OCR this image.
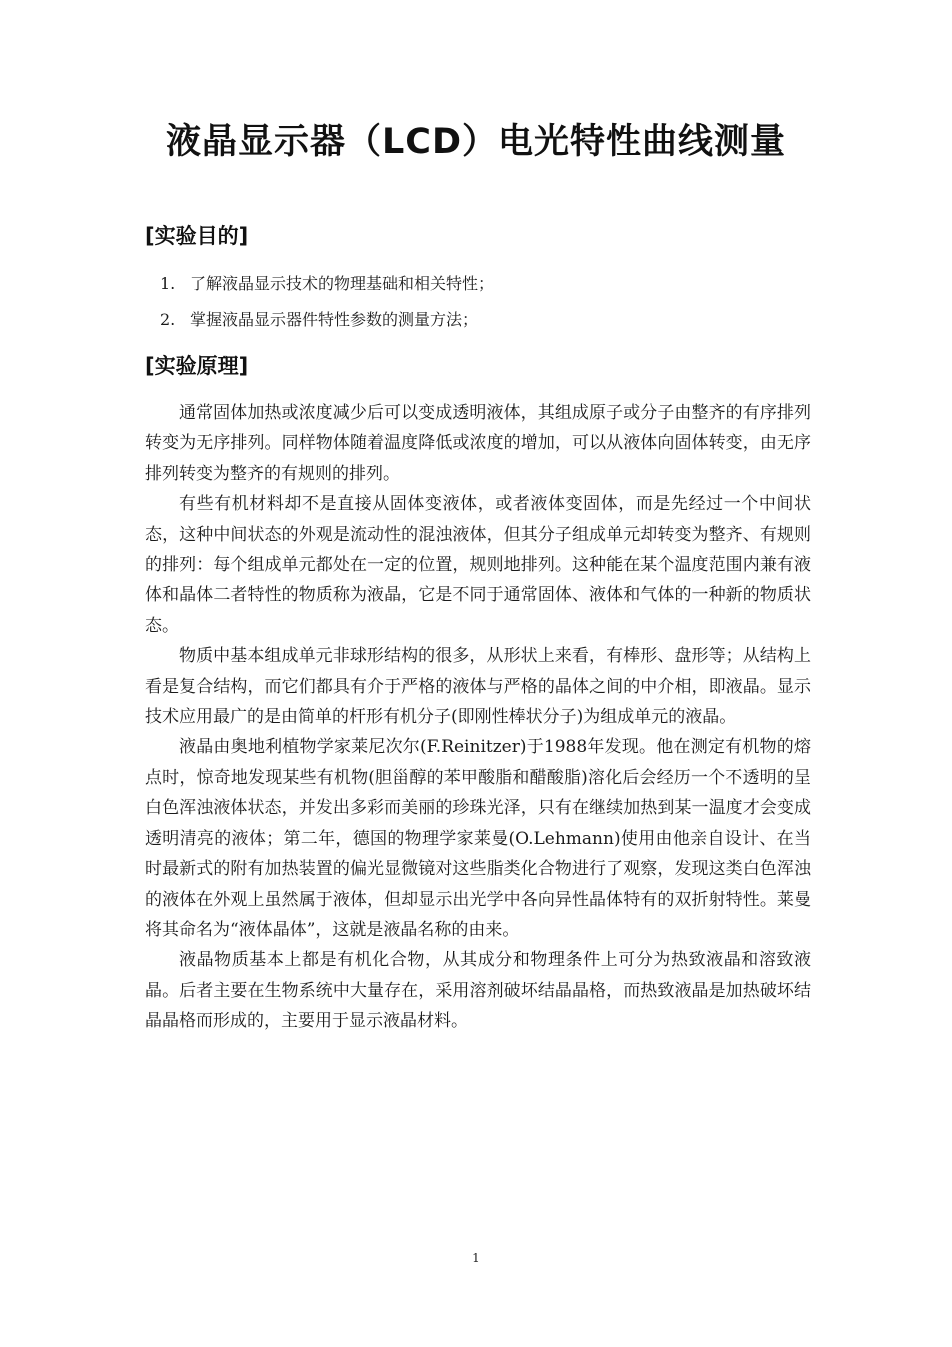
液晶显示器（LCD）电光特性曲线测量
[实验目的]
1. 了解液晶显示技术的物理基础和相关特性；
2. 掌握液晶显示器件特性参数的测量方法；
[实验原理]

通常固体加热或浓度减少后可以变成透明液体，其组成原子或分子由整齐的有序排列转变为无序排列。同样物体随着温度降低或浓度的增加，可以从液体向固体转变，由无序排列转变为整齐的有规则的排列。

有些有机材料却不是直接从固体变液体，或者液体变固体，而是先经过一个中间状态，这种中间状态的外观是流动性的混浊液体，但其分子组成单元却转变为整齐、有规则的排列：每个组成单元都处在一定的位置，规则地排列。这种能在某个温度范围内兼有液体和晶体二者特性的物质称为液晶，它是不同于通常固体、液体和气体的一种新的物质状态。

物质中基本组成单元非球形结构的很多，从形状上来看，有棒形、盘形等；从结构上看是复合结构，而它们都具有介于严格的液体与严格的晶体之间的中介相，即液晶。显示技术应用最广的是由简单的杆形有机分子(即刚性棒状分子)为组成单元的液晶。

液晶由奥地利植物学家莱尼次尔(F.Reinitzer)于1988年发现。他在测定有机物的熔点时，惊奇地发现某些有机物(胆甾醇的苯甲酸脂和醋酸脂)溶化后会经历一个不透明的呈白色浑浊液体状态，并发出多彩而美丽的珍珠光泽，只有在继续加热到某一温度才会变成透明清亮的液体；第二年，德国的物理学家莱曼(O.Lehmann)使用由他亲自设计、在当时最新式的附有加热装置的偏光显微镜对这些脂类化合物进行了观察，发现这类白色浑浊的液体在外观上虽然属于液体，但却显示出光学中各向异性晶体特有的双折射特性。莱曼将其命名为“液体晶体”，这就是液晶名称的由来。

液晶物质基本上都是有机化合物，从其成分和物理条件上可分为热致液晶和溶致液晶。后者主要在生物系统中大量存在，采用溶剂破坏结晶晶格，而热致液晶是加热破坏结晶晶格而形成的，主要用于显示液晶材料。

1
